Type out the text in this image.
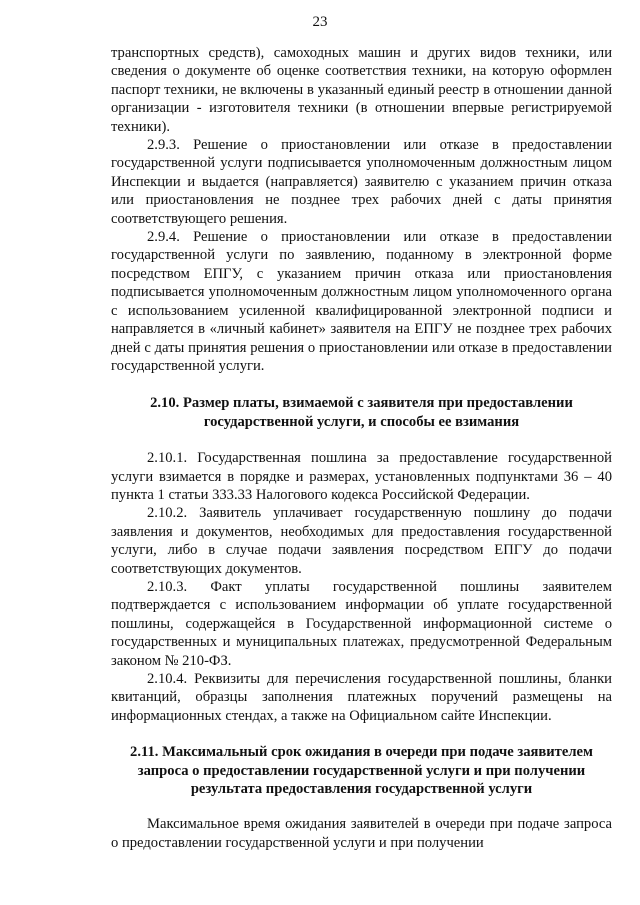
23

транспортных средств), самоходных машин и других видов техники, или сведения о документе об оценке соответствия техники, на которую оформлен паспорт техники, не включены в указанный единый реестр в отношении данной организации - изготовителя техники (в отношении впервые регистрируемой техники).

2.9.3. Решение о приостановлении или отказе в предоставлении государственной услуги подписывается уполномоченным должностным лицом Инспекции и выдается (направляется) заявителю с указанием причин отказа или приостановления не позднее трех рабочих дней с даты принятия соответствующего решения.

2.9.4. Решение о приостановлении или отказе в предоставлении государственной услуги по заявлению, поданному в электронной форме посредством ЕПГУ, с указанием причин отказа или приостановления подписывается уполномоченным должностным лицом уполномоченного органа с использованием усиленной квалифицированной электронной подписи и направляется в «личный кабинет» заявителя на ЕПГУ не позднее трех рабочих дней с даты принятия решения о приостановлении или отказе в предоставлении государственной услуги.

2.10. Размер платы, взимаемой с заявителя при предоставлении
государственной услуги, и способы ее взимания

2.10.1. Государственная пошлина за предоставление государственной услуги взимается в порядке и размерах, установленных подпунктами 36 – 40 пункта 1 статьи 333.33 Налогового кодекса Российской Федерации.

2.10.2. Заявитель уплачивает государственную пошлину до подачи заявления и документов, необходимых для предоставления государственной услуги, либо в случае подачи заявления посредством ЕПГУ до подачи соответствующих документов.

2.10.3. Факт уплаты государственной пошлины заявителем подтверждается с использованием информации об уплате государственной пошлины, содержащейся в Государственной информационной системе о государственных и муниципальных платежах, предусмотренной Федеральным законом № 210-ФЗ.

2.10.4. Реквизиты для перечисления государственной пошлины, бланки квитанций, образцы заполнения платежных поручений размещены на информационных стендах, а также на Официальном сайте Инспекции.

2.11. Максимальный срок ожидания в очереди при подаче заявителем
запроса о предоставлении государственной услуги и при получении
результата предоставления государственной услуги

Максимальное время ожидания заявителей в очереди при подаче запроса о предоставлении государственной услуги и при получении
